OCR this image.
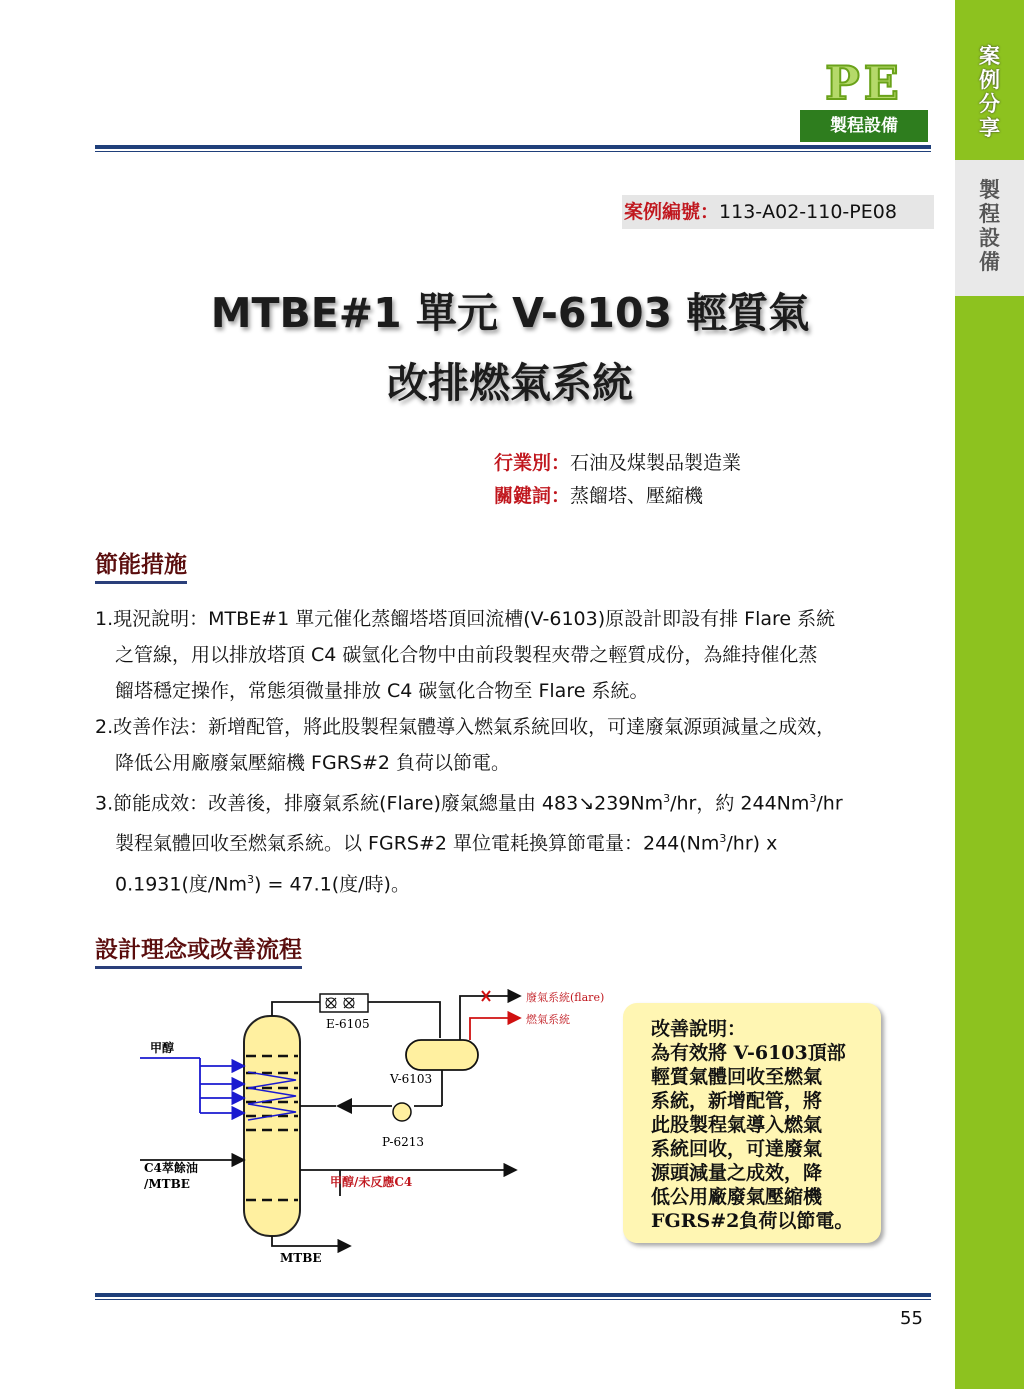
案
例
分
享
製
程
設
備
PE
製程設備
案例編號：113-A02-110-PE08
MTBE#1 單元 V-6103 輕質氣
改排燃氣系統
行業別：石油及煤製品製造業
關鍵詞：蒸餾塔、壓縮機
節能措施
1.現況說明：MTBE#1 單元催化蒸餾塔塔頂回流槽(V-6103)原設計即設有排 Flare 系統
之管線，用以排放塔頂 C4 碳氫化合物中由前段製程夾帶之輕質成份，為維持催化蒸
餾塔穩定操作，常態須微量排放 C4 碳氫化合物至 Flare 系統。
2.改善作法：新增配管，將此股製程氣體導入燃氣系統回收，可達廢氣源頭減量之成效，
降低公用廠廢氣壓縮機 FGRS#2 負荷以節電。
3.節能成效：改善後，排廢氣系統(Flare)廢氣總量由 483↘239Nm$^3$/hr，約 244Nm$^3$/hr
製程氣體回收至燃氣系統。以 FGRS#2 單位電耗換算節電量：244(Nm$^3$/hr) x
0.1931(度$/Nm^3) = 47.1$(度/時)。
設計理念或改善流程
甲醇
C4萃餘油
/MTBE
E-6105
V-6103
廢氣系統(flare)
燃氣系統
P-6213
甲醇/未反應C4
MTBE
改善說明：
為有效將 V-6103頂部
輕質氣體回收至燃氣
系統，新增配管，將
此股製程氣導入燃氣
系統回收，可達廢氣
源頭減量之成效，降
低公用廠廢氣壓縮機
FGRS#2負荷以節電。
55
